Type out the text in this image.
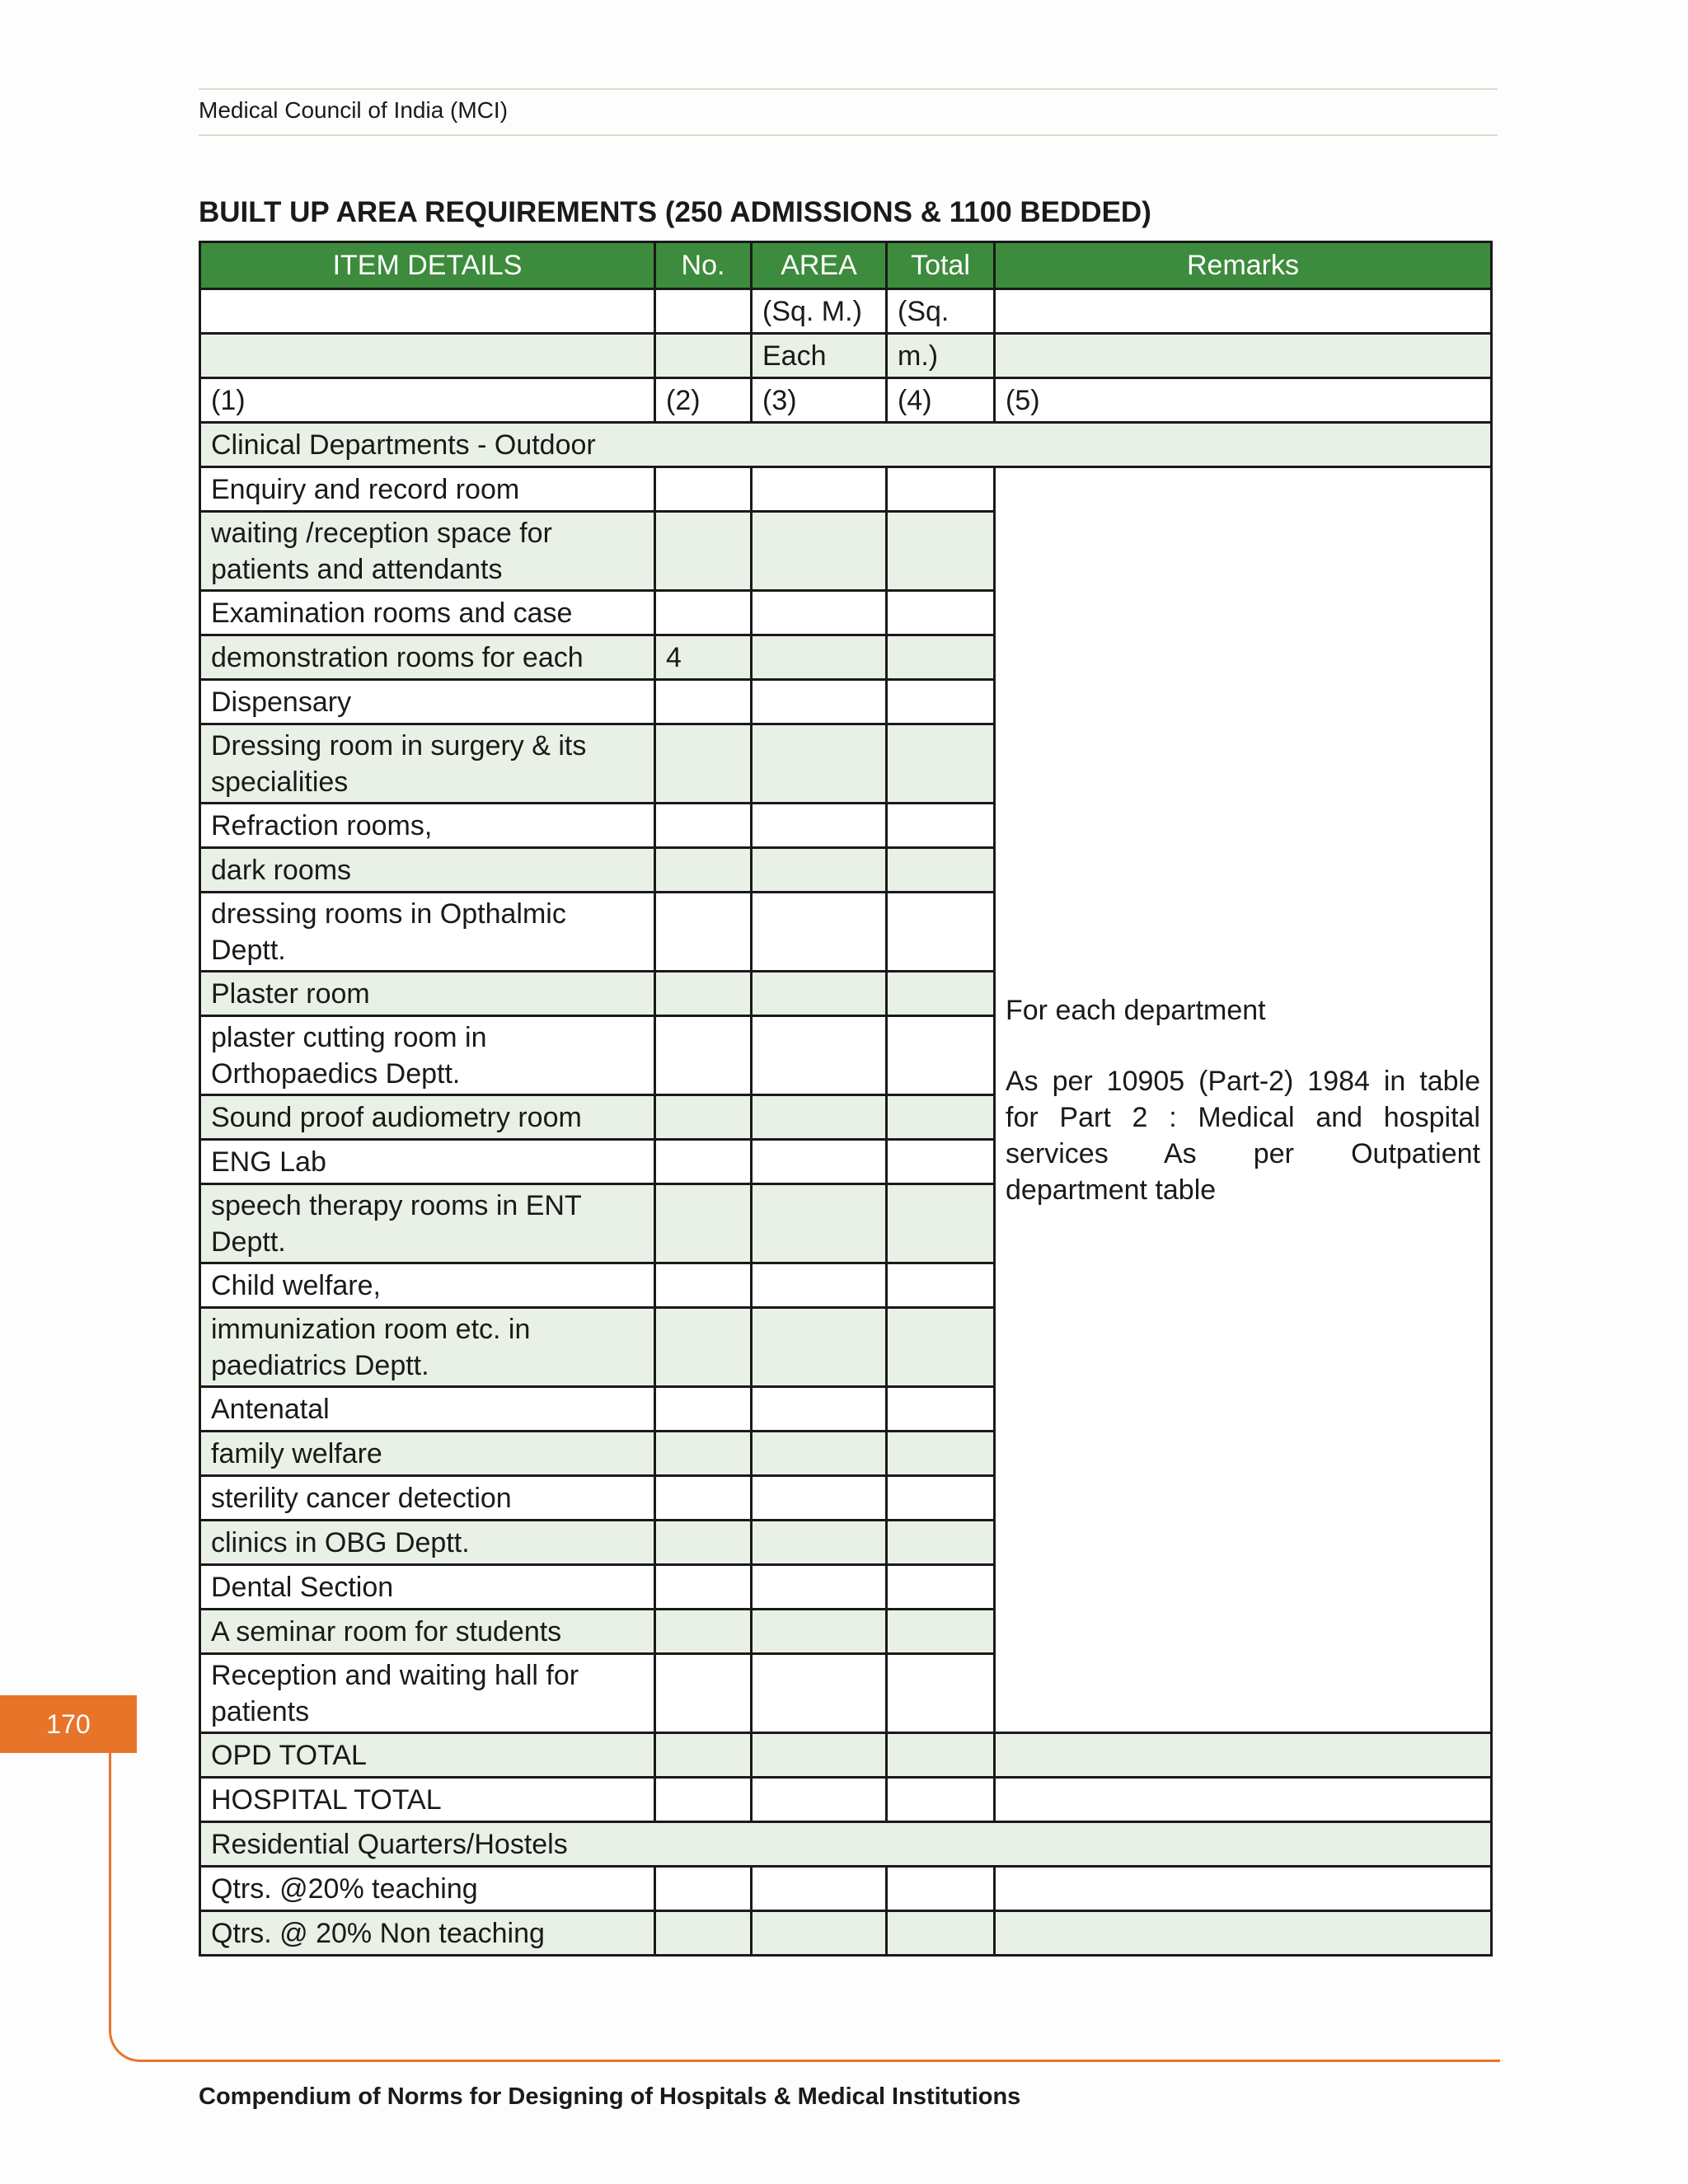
Medical Council of India (MCI)
BUILT UP AREA REQUIREMENTS (250 ADMISSIONS & 1100 BEDDED)
ITEM DETAILS	No.	AREA	Total	Remarks
		(Sq. M.)	(Sq.	
		Each	m.)	
(1)	(2)	(3)	(4)	(5)
Clinical Departments - Outdoor				
Enquiry and record room				For each department
As per 10905 (Part-2) 1984 in table for Part 2 : Medical and hospital services As per Outpatient department table

waiting /reception space for patients and attendants				
Examination rooms and case				
demonstration rooms for each	4			
Dispensary				
Dressing room in surgery & its specialities				
Refraction rooms,				
dark rooms				
dressing rooms in Opthalmic Deptt.				
Plaster room				
plaster cutting room in Orthopaedics Deptt.				
Sound proof audiometry room				
ENG Lab				
speech therapy rooms in ENT Deptt.				
Child welfare,				
immunization room etc. in paediatrics Deptt.				
Antenatal				
family welfare				
sterility cancer detection				
clinics in OBG Deptt.				
Dental Section				
A seminar room for students				
Reception and waiting hall for patients				
OPD TOTAL				
HOSPITAL TOTAL				
Residential Quarters/Hostels				
Qtrs. @20% teaching				
Qtrs. @ 20% Non teaching				
170
Compendium of Norms for Designing of Hospitals & Medical Institutions
